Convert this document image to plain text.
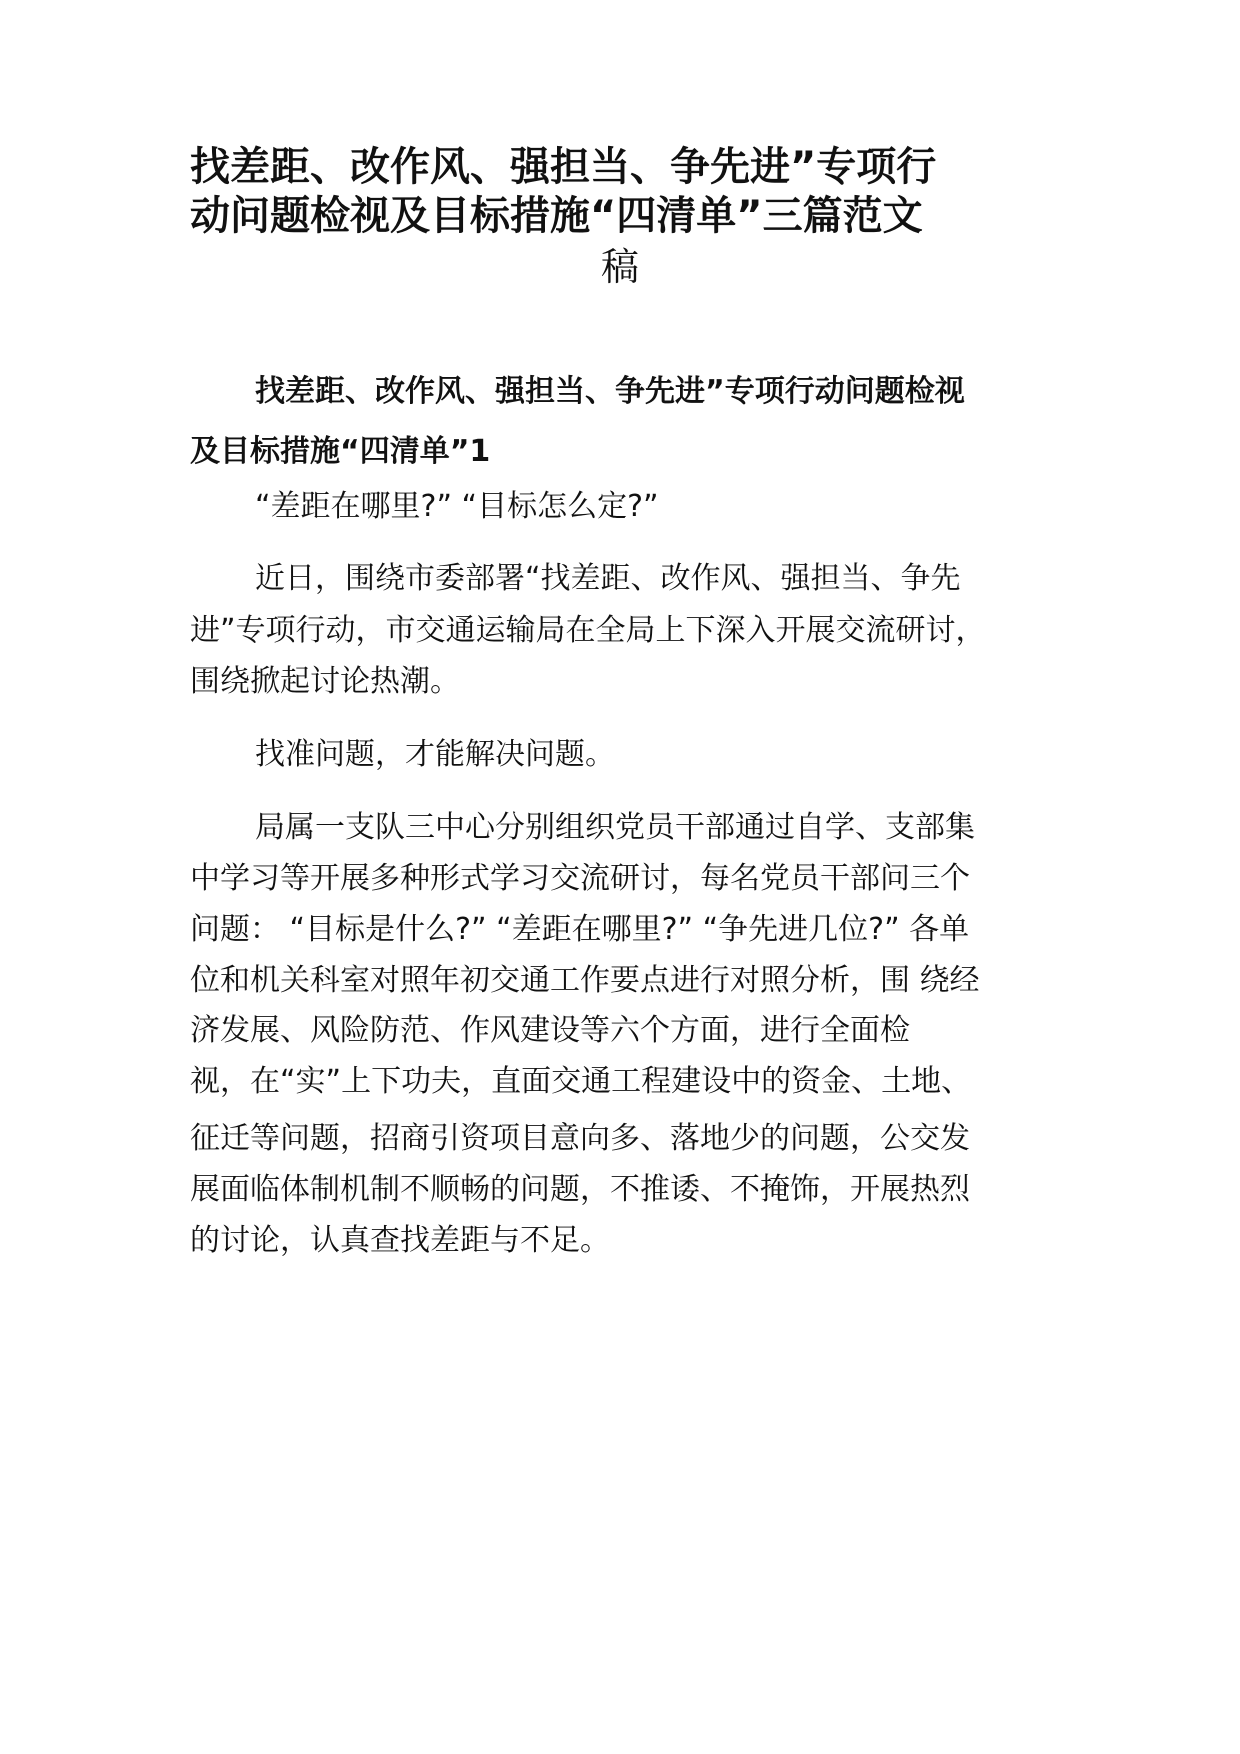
找差距、改作风、强担当、争先进”专项行
动问题检视及目标措施“四清单”三篇范文
稿
找差距、改作风、强担当、争先进”专项行动问题检视
及目标措施“四清单”1

“差距在哪里?” “目标怎么定?”

近日，围绕市委部署“找差距、改作风、强担当、争先

进”专项行动，市交通运输局在全局上下深入开展交流研讨，

围绕掀起讨论热潮。

找准问题，才能解决问题。

局属一支队三中心分别组织党员干部通过自学、支部集

中学习等开展多种形式学习交流研讨，每名党员干部问三个

问题： “目标是什么?” “差距在哪里?” “争先进几位?” 各单

位和机关科室对照年初交通工作要点进行对照分析，围 绕经

济发展、风险防范、作风建设等六个方面，进行全面检

视，在“实”上下功夫，直面交通工程建设中的资金、土地、

征迁等问题，招商引资项目意向多、落地少的问题，公交发

展面临体制机制不顺畅的问题，不推诿、不掩饰，开展热烈

的讨论，认真查找差距与不足。
